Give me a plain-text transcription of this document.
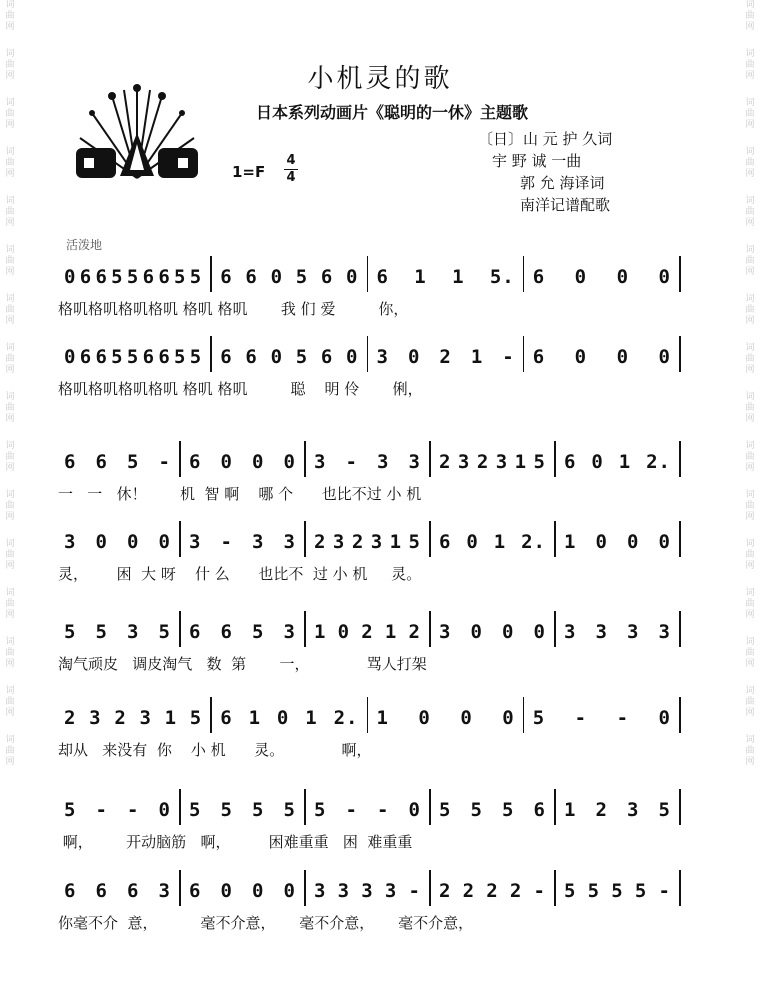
词
曲
网
词
曲
网
词
曲
网
词
曲
网
词
曲
网
词
曲
网
词
曲
网
词
曲
网
词
曲
网
词
曲
网
词
曲
网
词
曲
网
词
曲
网
词
曲
网
词
曲
网
词
曲
网
词
曲
网
词
曲
网
词
曲
网
词
曲
网
词
曲
网
词
曲
网
词
曲
网
词
曲
网
词
曲
网
词
曲
网
词
曲
网
词
曲
网
词
曲
网
词
曲
网
词
曲
网
词
曲
网
小机灵的歌
日本系列动画片《聪明的一休》主题歌
1=F
4
4
〔日〕山 元 护 久词
宇 野 诚 一曲
郭 允 海译词
南洋记谱配歌
活泼地
0 6 6 5 5 6 6 5 5 6 6 0 5 6 0 6 1 1 5. 6 0 0 0
格叽格叽格叽格叽 格叽 格叽       我 们 爱         你，
0 6 6 5 5 6 6 5 5 6 6 0 5 6 0 3 0 2 1 - 6 0 0 0
格叽格叽格叽格叽 格叽 格叽         聪    明 伶       俐，
6 6 5 - 6 0 0 0 3 - 3 3 2 3 2 3 1 5 6 0 1 2.
一   一   休！       机  智 啊    哪 个      也比不过 小 机
3 0 0 0 3 - 3 3 2 3 2 3 1 5 6 0 1 2. 1 0 0 0
灵，      困  大 呀    什 么      也比不  过 小 机     灵。
5 5 3 5 6 6 5 3 1 0 2 1 2 3 0 0 0 3 3 3 3
淘气顽皮   调皮淘气   数  第       一，            骂人打架
2 3 2 3 1 5 6 1 0 1 2. 1 0 0 0 5 - - 0
却从   来没有  你    小 机      灵。            啊，
5 - - 0 5 5 5 5 5 - - 0 5 5 5 6 1 2 3 5
啊，       开动脑筋   啊，        困难重重   困  难重重
6 6 6 3 6 0 0 0 3 3 3 3 - 2 2 2 2 - 5 5 5 5 -
你毫不介  意，         毫不介意，     毫不介意，     毫不介意，
